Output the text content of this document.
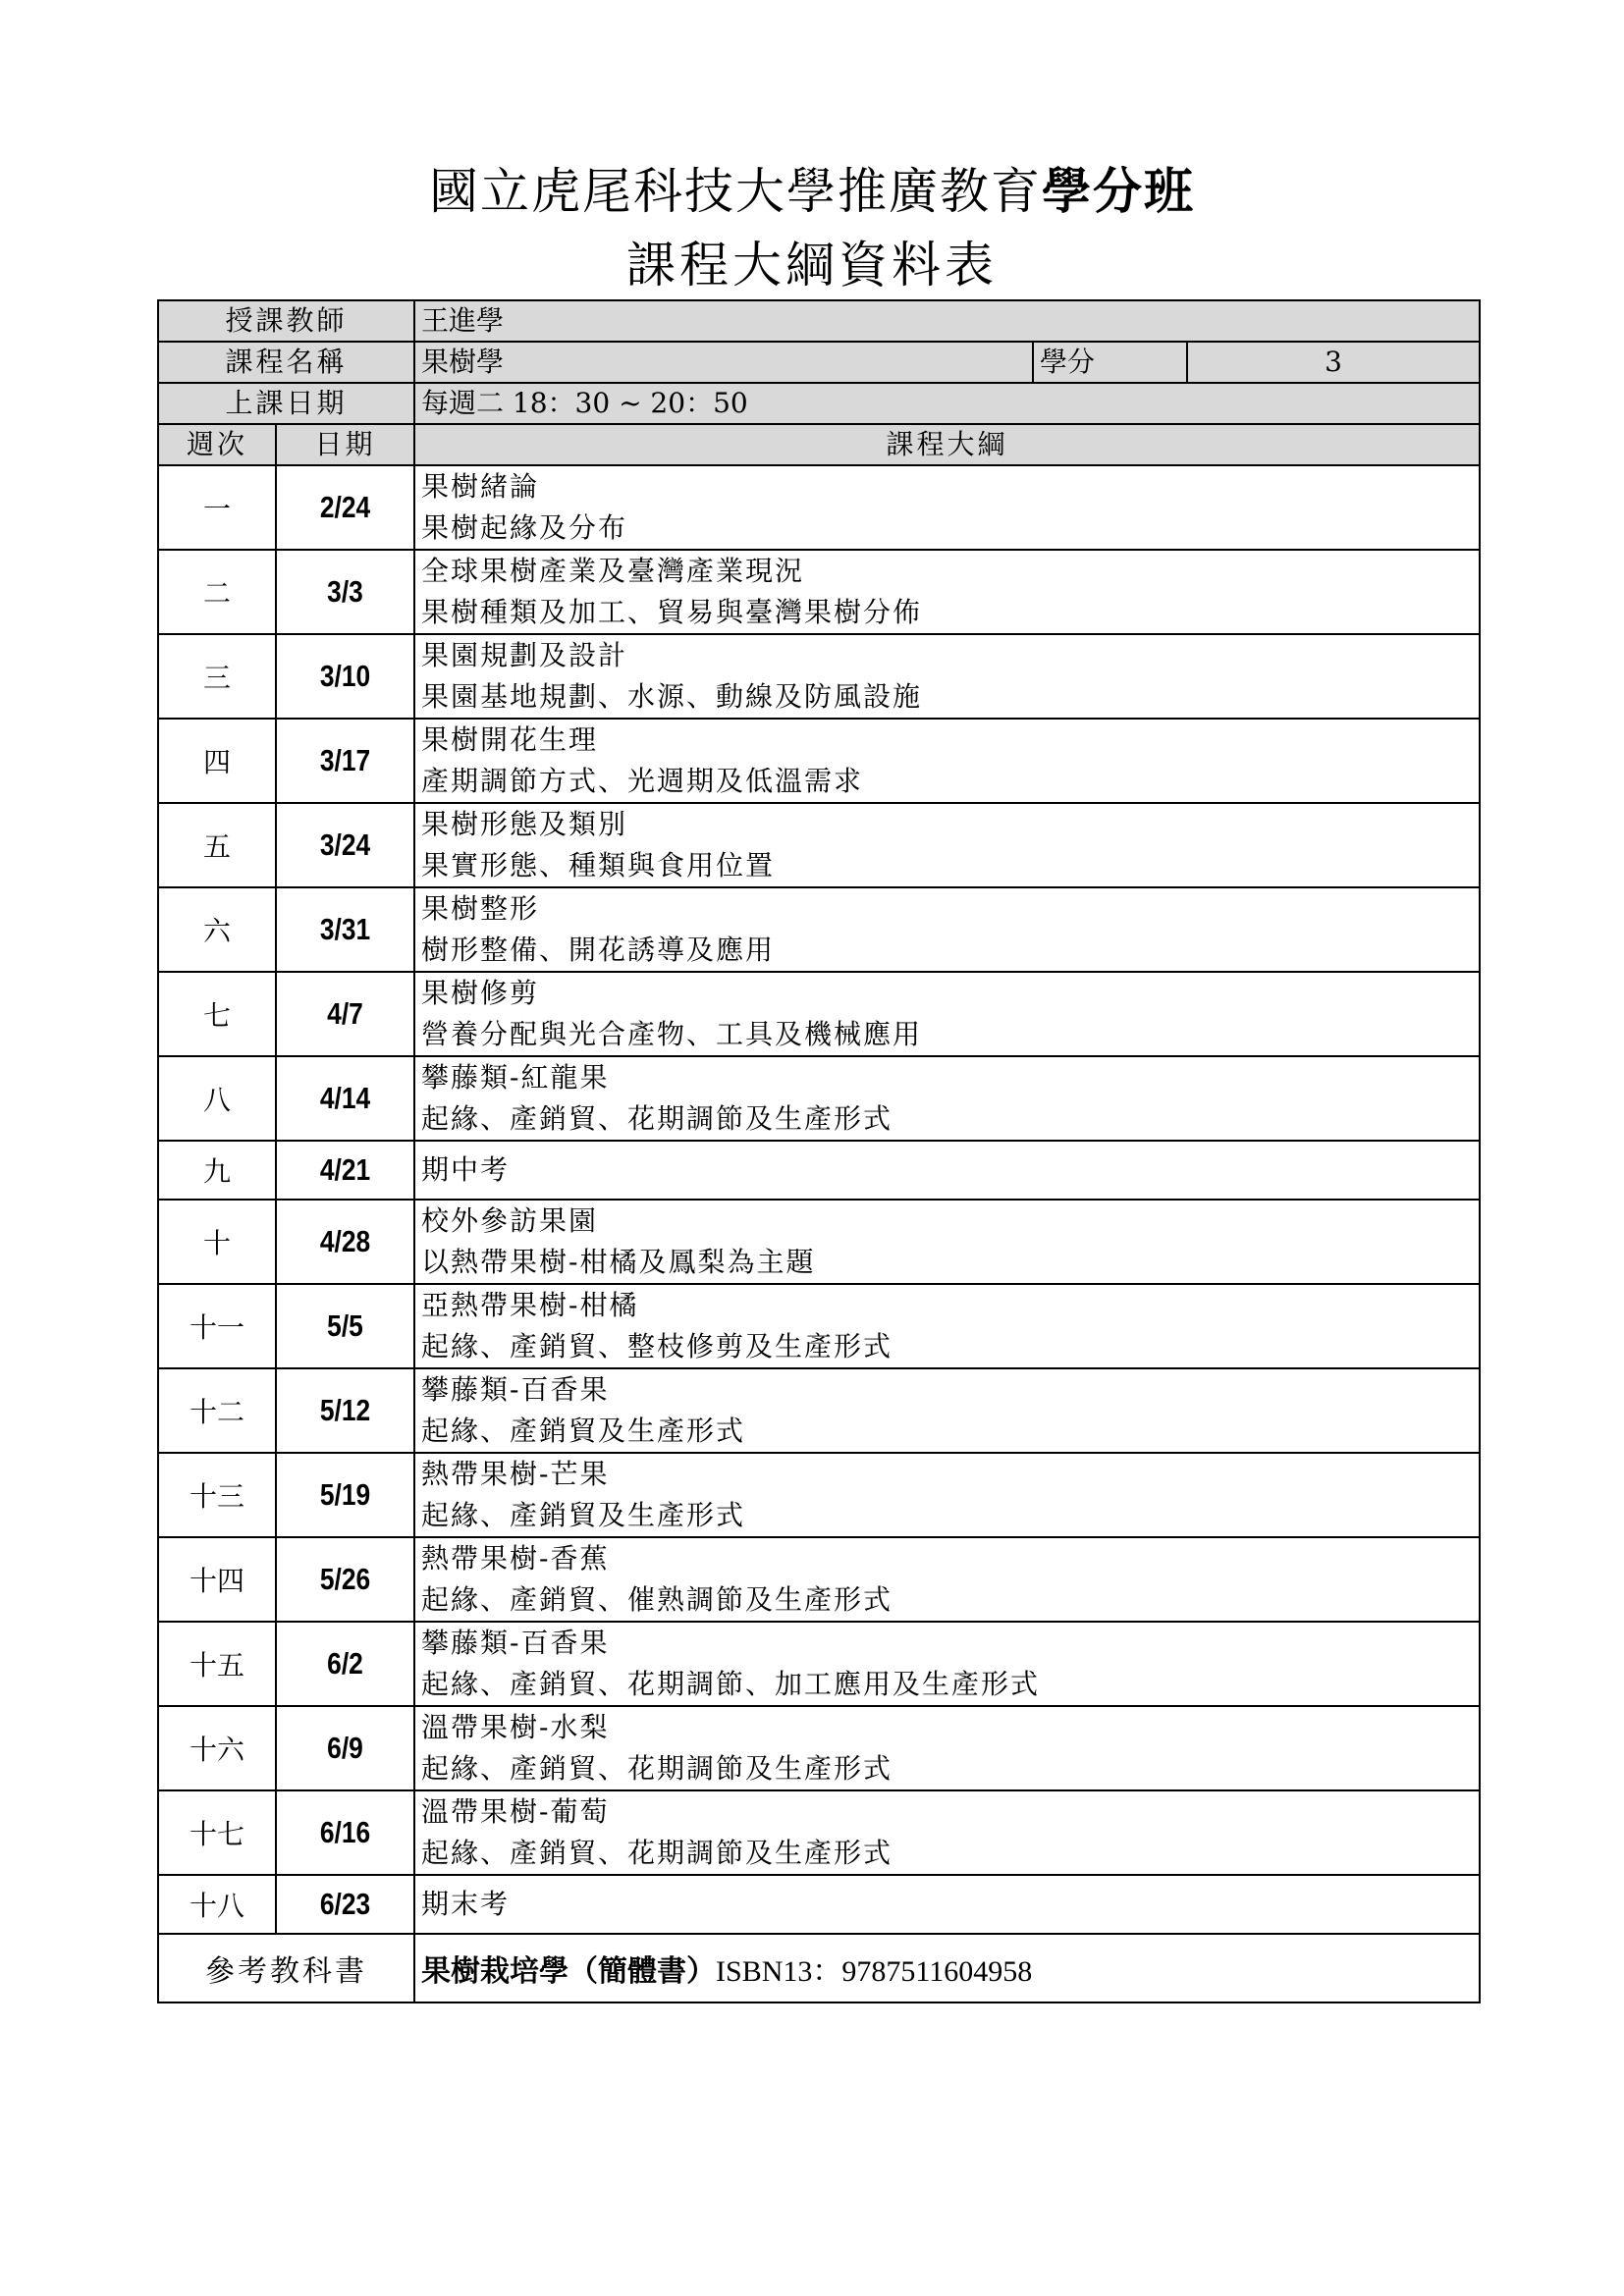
國立虎尾科技大學推廣教育學分班
課程大綱資料表
授課教師		王進學		
課程名稱		果樹學	學分	3
上課日期		每週二 18：30 ~ 20：50		
週次	日期	課程大綱		
一	2/24	果樹緒論
果樹起緣及分布		

二	3/3	全球果樹產業及臺灣產業現況
果樹種類及加工、貿易與臺灣果樹分佈		

三	3/10	果園規劃及設計
果園基地規劃、水源、動線及防風設施		

四	3/17	果樹開花生理
產期調節方式、光週期及低溫需求		

五	3/24	果樹形態及類別
果實形態、種類與食用位置		

六	3/31	果樹整形
樹形整備、開花誘導及應用		

七	4/7	果樹修剪
營養分配與光合產物、工具及機械應用		

八	4/14	攀藤類-紅龍果
起緣、產銷貿、花期調節及生產形式		

九	4/21	期中考		

十	4/28	校外參訪果園
以熱帶果樹-柑橘及鳳梨為主題		

十一	5/5	亞熱帶果樹-柑橘
起緣、產銷貿、整枝修剪及生產形式		

十二	5/12	攀藤類-百香果
起緣、產銷貿及生產形式		

十三	5/19	熱帶果樹-芒果
起緣、產銷貿及生產形式		

十四	5/26	熱帶果樹-香蕉
起緣、產銷貿、催熟調節及生產形式		

十五	6/2	攀藤類-百香果
起緣、產銷貿、花期調節、加工應用及生產形式		

十六	6/9	溫帶果樹-水梨
起緣、產銷貿、花期調節及生產形式		

十七	6/16	溫帶果樹-葡萄
起緣、產銷貿、花期調節及生產形式		

十八	6/23	期末考		

參考教科書		果樹栽培學（簡體書）ISBN13：9787511604958		
